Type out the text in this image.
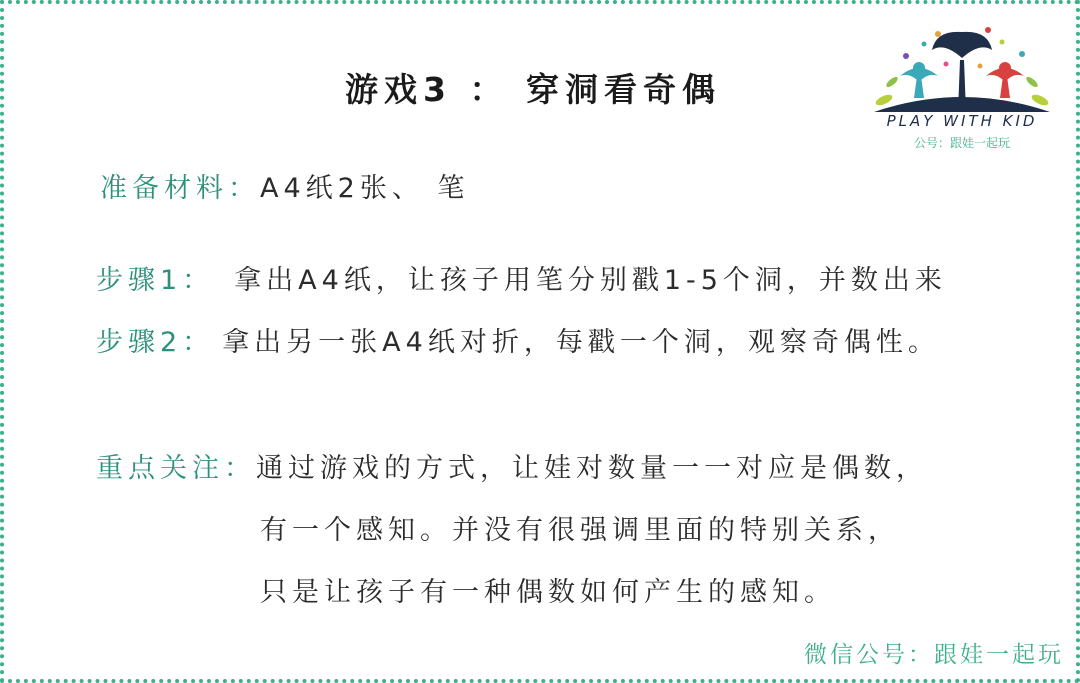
游戏3 ： 穿洞看奇偶
PLAY WITH KID
公号：跟娃一起玩
准备材料：A4纸2张、 笔
步骤1： 拿出A4纸，让孩子用笔分别戳1-5个洞，并数出来
步骤2： 拿出另一张A4纸对折，每戳一个洞，观察奇偶性。
重点关注：通过游戏的方式，让娃对数量一一对应是偶数，
有一个感知。并没有很强调里面的特别关系，
只是让孩子有一种偶数如何产生的感知。
微信公号：跟娃一起玩
